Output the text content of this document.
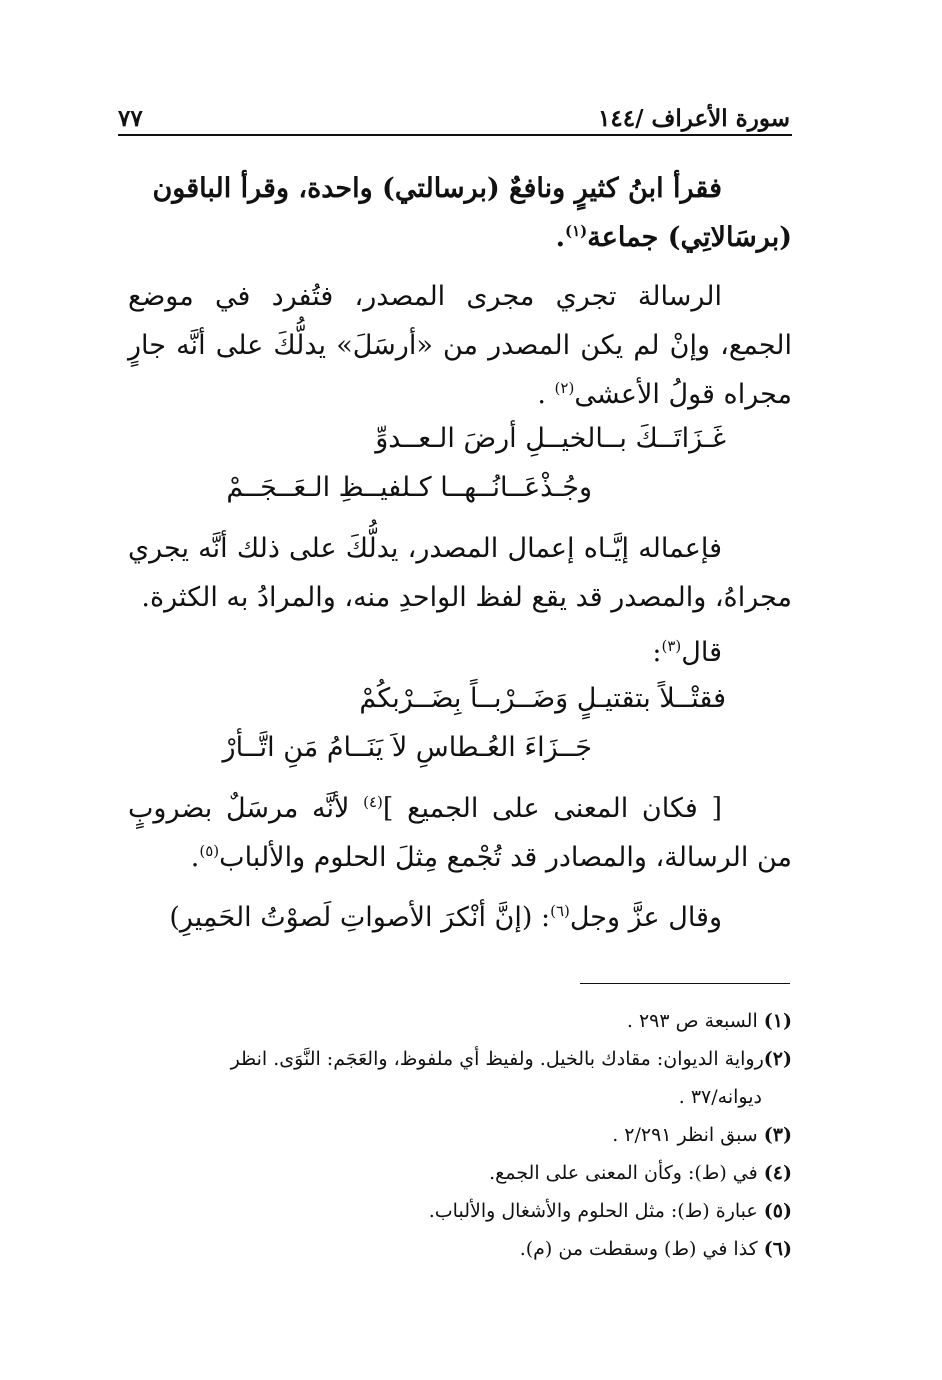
سورة الأعراف /١٤٤
٧٧
فقرأ ابنُ كثيرٍ ونافعٌ (برسالتي) واحدة، وقرأ الباقون
(برسَالاتِي) جماعة$^{(١)}$.
الرسالة تجري مجرى المصدر، فتُفرد في موضع الجمع، وإنْ لم يكن المصدر من «أرسَلَ» يدلُّكَ على أنَّه جارٍ مجراه قولُ الأعشى$^{(٢)}$ .
غَـزَاتَــكَ بــالخيــلِ أرضَ الـعــدوِّ
وجُـذْعَــانُــهــا كـلفيــظِ الـعَــجَــمْ
فإعماله إيَّـاه إعمال المصدر، يدلُّكَ على ذلك أنَّه يجري مجراهُ، والمصدر قد يقع لفظ الواحدِ منه، والمرادُ به الكثرة.
قال$^{(٣)}$:
فقتْــلاً بتقتيـلٍ وَضَــرْبــاً بِضَــرْبكُمْ
جَــزَاءَ العُـطاسِ لاَ يَنَــامُ مَنِ اتَّــأرْ
[ فكان المعنى على الجميع ]$^{(٤)}$ لأنَّه مرسَلٌ بضروبٍ من الرسالة، والمصادر قد تُجْمع مِثلَ الحلوم والألباب$^{(٥)}$.
وقال عزَّ وجل$^{(٦)}$: (إنَّ أنْكرَ الأصواتِ لَصوْتُ الحَمِيرِ)

(١) السبعة ص ٢٩٣ .

(٢)رواية الديوان: مقادك بالخيل. ولفيظ أي ملفوظ، والعَجَم: النَّوَى. انظر

ديوانه/٣٧ .

(٣) سبق انظر ٢/٢٩١ .

(٤) في (ط): وكأن المعنى على الجمع.

(٥) عبارة (ط): مثل الحلوم والأشغال والألباب.

(٦) كذا في (ط) وسقطت من (م).
